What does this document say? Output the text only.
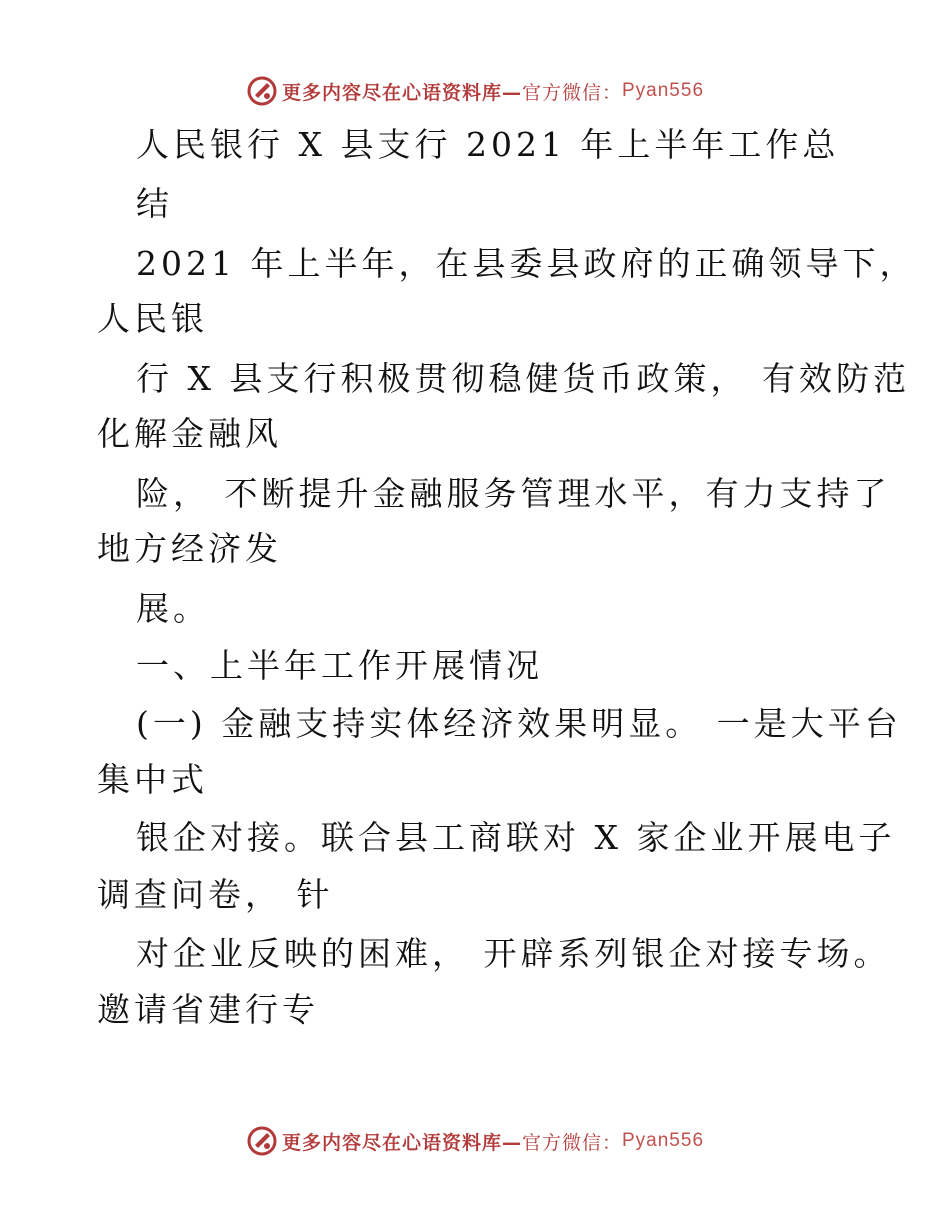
更多内容尽在心语资料库— 官方微信： Pyan556
人民银行 X 县支行 2021 年上半年工作总
结
2021 年上半年，在县委县政府的正确领导下，
人民银
行 X 县支行积极贯彻稳健货币政策， 有效防范
化解金融风
险， 不断提升金融服务管理水平，有力支持了
地方经济发
展。
一、上半年工作开展情况
(一) 金融支持实体经济效果明显。 一是大平台
集中式
银企对接。联合县工商联对 X 家企业开展电子
调查问卷， 针
对企业反映的困难， 开辟系列银企对接专场。
邀请省建行专
更多内容尽在心语资料库— 官方微信： Pyan556
